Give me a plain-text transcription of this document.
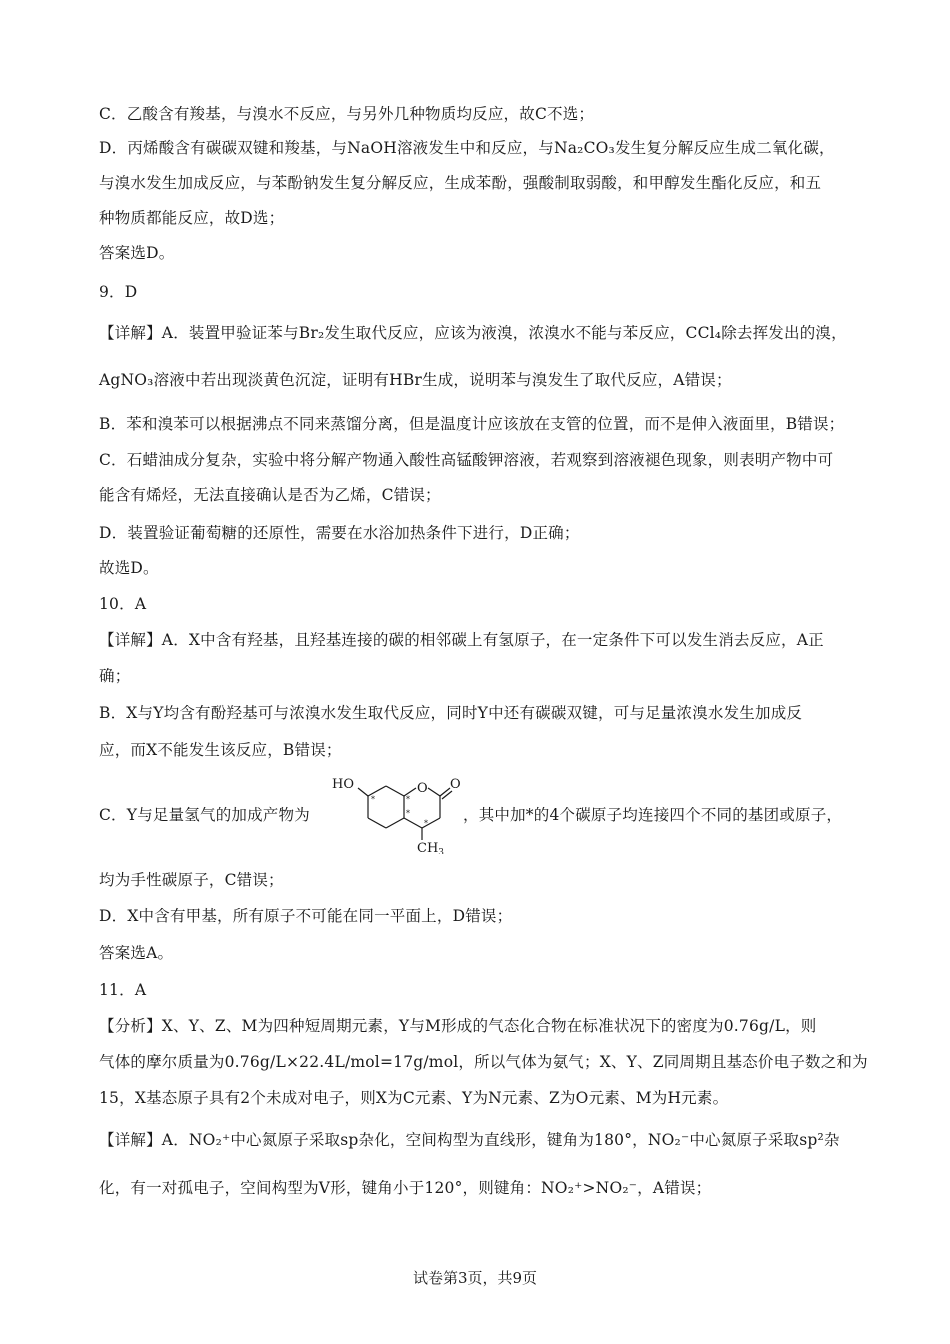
C．乙酸含有羧基，与溴水不反应，与另外几种物质均反应，故C不选；
D．丙烯酸含有碳碳双键和羧基，与NaOH溶液发生中和反应，与Na₂CO₃发生复分解反应生成二氧化碳，
与溴水发生加成反应，与苯酚钠发生复分解反应，生成苯酚，强酸制取弱酸，和甲醇发生酯化反应，和五
种物质都能反应，故D选；
答案选D。
9．D
【详解】A．装置甲验证苯与Br₂发生取代反应，应该为液溴，浓溴水不能与苯反应，CCl₄除去挥发出的溴，
AgNO₃溶液中若出现淡黄色沉淀，证明有HBr生成，说明苯与溴发生了取代反应，A错误；
B．苯和溴苯可以根据沸点不同来蒸馏分离，但是温度计应该放在支管的位置，而不是伸入液面里，B错误；
C．石蜡油成分复杂，实验中将分解产物通入酸性高锰酸钾溶液，若观察到溶液褪色现象，则表明产物中可
能含有烯烃，无法直接确认是否为乙烯，C错误；
D．装置验证葡萄糖的还原性，需要在水浴加热条件下进行，D正确；
故选D。
10．A
【详解】A．X中含有羟基，且羟基连接的碳的相邻碳上有氢原子，在一定条件下可以发生消去反应，A正
确；
B．X与Y均含有酚羟基可与浓溴水发生取代反应，同时Y中还有碳碳双键，可与足量浓溴水发生加成反
应，而X不能发生该反应，B错误；
C．Y与足量氢气的加成产物为	，其中加*的4个碳原子均连接四个不同的基团或原子，
HO	O O
$CH_3$
*	*
*
*
均为手性碳原子，C错误；
D．X中含有甲基，所有原子不可能在同一平面上，D错误；
答案选A。
11．A
【分析】X、Y、Z、M为四种短周期元素，Y与M形成的气态化合物在标准状况下的密度为0.76g/L，则
气体的摩尔质量为0.76g/L×22.4L/mol=17g/mol，所以气体为氨气；X、Y、Z同周期且基态价电子数之和为
15，X基态原子具有2个未成对电子，则X为C元素、Y为N元素、Z为O元素、M为H元素。
【详解】A．NO₂⁺中心氮原子采取sp杂化，空间构型为直线形，键角为180°，NO₂⁻中心氮原子采取sp²杂
化，有一对孤电子，空间构型为V形，键角小于120°，则键角：NO₂⁺>NO₂⁻，A错误；
试卷第3页，共9页
